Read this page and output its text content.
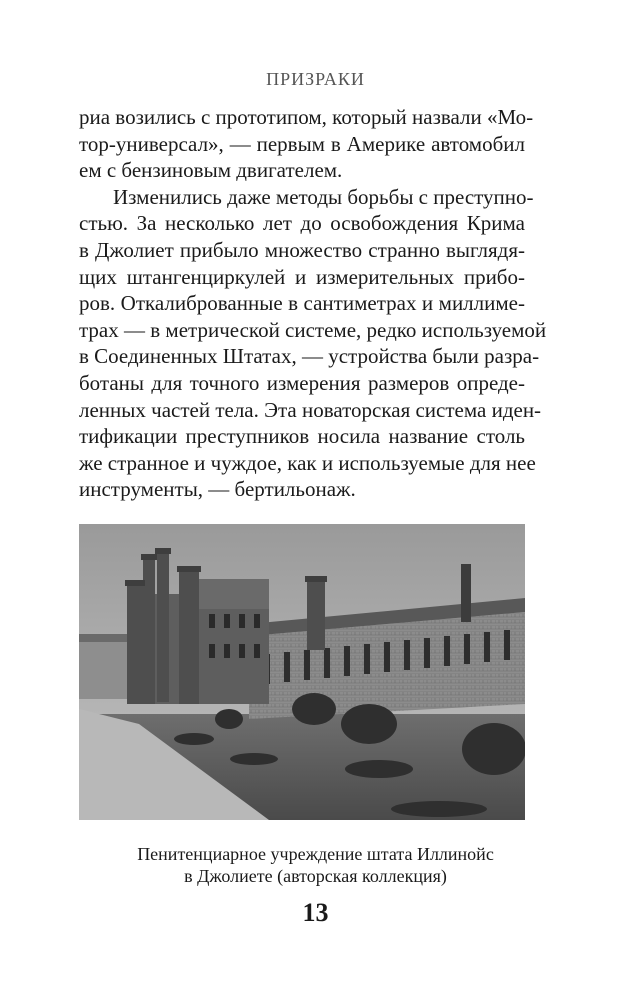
ПРИЗРАКИ
риа возились с прототипом, который назвали «Мо-
тор-универсал», — первым в Америке автомобил
ем с бензиновым двигателем.
Изменились даже методы борьбы с преступно-
стью. За несколько лет до освобождения Крима
в Джолиет прибыло множество странно выглядя-
щих штангенциркулей и измерительных прибо-
ров. Откалиброванные в сантиметрах и миллиме-
трах — в метрической системе, редко используемой
в Соединенных Штатах, — устройства были разра-
ботаны для точного измерения размеров опреде-
ленных частей тела. Эта новаторская система иден-
тификации преступников носила название столь
же странное и чуждое, как и используемые для нее
инструменты, — бертильонаж.
Пенитенциарное учреждение штата Иллинойс
в Джолиете (авторская коллекция)
13
